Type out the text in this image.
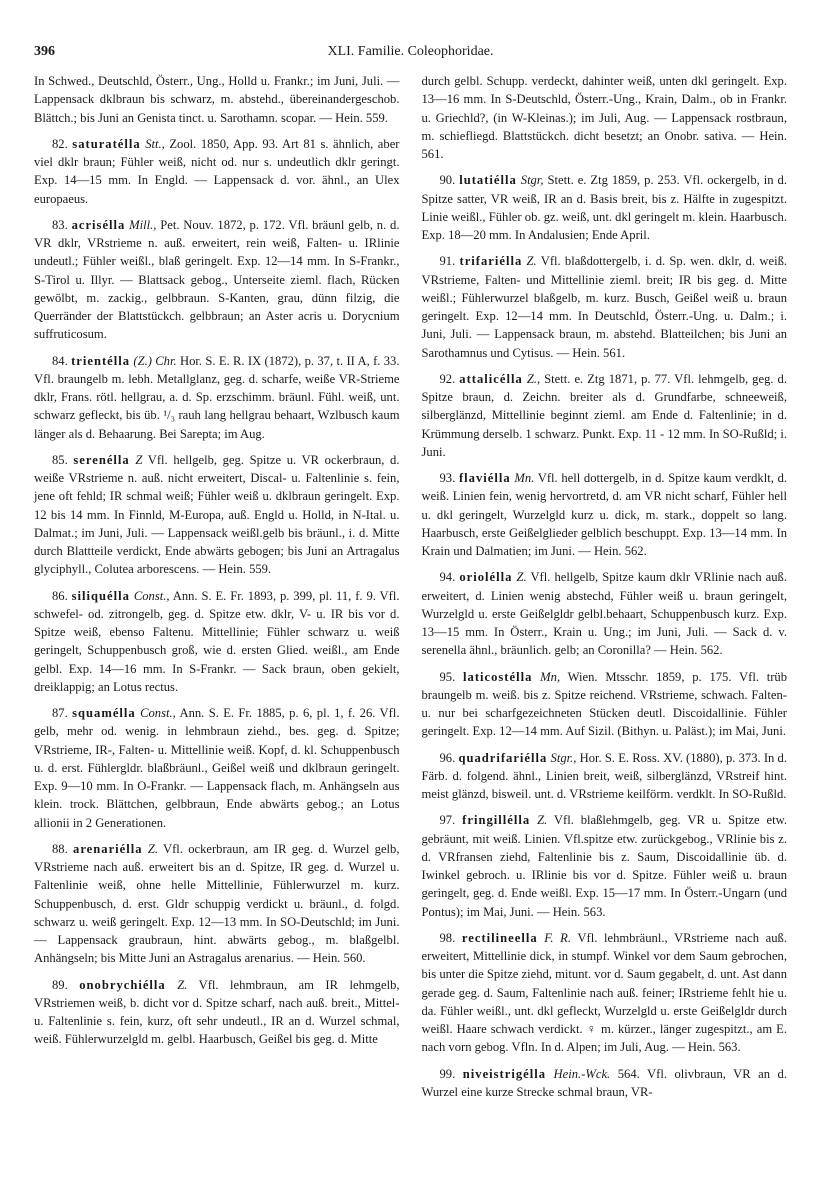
396	XLI. Familie. Coleophoridae.

In Schwed., Deutschld, Österr., Ung., Holld u. Frankr.; im Juni, Juli. — Lappensack dklbraun bis schwarz, m. abstehd., übereinandergeschob. Blättch.; bis Juni an Genista tinct. u. Sarothamn. scopar. — Hein. 559.

82. saturatélla Stt., Zool. 1850, App. 93. Art 81 s. ähnlich, aber viel dklr braun; Fühler weiß, nicht od. nur s. undeutlich dklr geringt. Exp. 14—15 mm. In Engld. — Lappensack d. vor. ähnl., an Ulex europaeus.

83. acrisélla Mill., Pet. Nouv. 1872, p. 172. Vfl. bräunl gelb, n. d. VR dklr, VRstrieme n. auß. erweitert, rein weiß, Falten- u. IRlinie undeutl.; Fühler weißl., blaß geringelt. Exp. 12—14 mm. In S-Frankr., S-Tirol u. Illyr. — Blattsack gebog., Unterseite zieml. flach, Rücken gewölbt, m. zackig., gelbbraun. S-Kanten, grau, dünn filzig, die Querränder der Blattstückch. gelbbraun; an Aster acris u. Dorycnium suffruticosum.

84. trientélla (Z.) Chr. Hor. S. E. R. IX (1872), p. 37, t. II A, f. 33. Vfl. braungelb m. lebh. Metallglanz, geg. d. scharfe, weiße VR-Strieme dklr, Frans. rötl. hellgrau, a. d. Sp. erzschimm. bräunl. Fühl. weiß, unt. schwarz gefleckt, bis üb. ¹/₃ rauh lang hellgrau behaart, Wzlbusch kaum länger als d. Behaarung. Bei Sarepta; im Aug.

85. serenélla Z Vfl. hellgelb, geg. Spitze u. VR ockerbraun, d. weiße VRstrieme n. auß. nicht erweitert, Discal- u. Faltenlinie s. fein, jene oft fehld; IR schmal weiß; Fühler weiß u. dklbraun geringelt. Exp. 12 bis 14 mm. In Finnld, M-Europa, auß. Engld u. Holld, in N-Ital. u. Dalmat.; im Juni, Juli. — Lappensack weißl.gelb bis bräunl., i. d. Mitte durch Blattteile verdickt, Ende abwärts gebogen; bis Juni an Artragalus glyciphyll., Colutea arborescens. — Hein. 559.

86. siliquélla Const., Ann. S. E. Fr. 1893, p. 399, pl. 11, f. 9. Vfl. schwefel- od. zitrongelb, geg. d. Spitze etw. dklr, V- u. IR bis vor d. Spitze weiß, ebenso Faltenu. Mittellinie; Fühler schwarz u. weiß geringelt, Schuppenbusch groß, wie d. ersten Glied. weißl., am Ende gelbl. Exp. 14—16 mm. In S-Frankr. — Sack braun, oben gekielt, dreiklappig; an Lotus rectus.

87. squamélla Const., Ann. S. E. Fr. 1885, p. 6, pl. 1, f. 26. Vfl. gelb, mehr od. wenig. in lehmbraun ziehd., bes. geg. d. Spitze; VRstrieme, IR-, Falten- u. Mittellinie weiß. Kopf, d. kl. Schuppenbusch u. d. erst. Fühlergldr. blaßbräunl., Geißel weiß und dklbraun geringelt. Exp. 9—10 mm. In O-Frankr. — Lappensack flach, m. Anhängseln aus klein. trock. Blättchen, gelbbraun, Ende abwärts gebog.; an Lotus allionii in 2 Generationen.

88. arenariélla Z. Vfl. ockerbraun, am IR geg. d. Wurzel gelb, VRstrieme nach auß. erweitert bis an d. Spitze, IR geg. d. Wurzel u. Faltenlinie weiß, ohne helle Mittellinie, Fühlerwurzel m. kurz. Schuppenbusch, d. erst. Gldr schuppig verdickt u. bräunl., d. folgd. schwarz u. weiß geringelt. Exp. 12—13 mm. In SO-Deutschld; im Juni. — Lappensack graubraun, hint. abwärts gebog., m. blaßgelbl. Anhängseln; bis Mitte Juni an Astragalus arenarius. — Hein. 560.

89. onobrychiélla Z. Vfl. lehmbraun, am IR lehmgelb, VRstriemen weiß, b. dicht vor d. Spitze scharf, nach auß. breit., Mittel- u. Faltenlinie s. fein, kurz, oft sehr undeutl., IR an d. Wurzel schmal, weiß. Fühlerwurzelgld m. gelbl. Haarbusch, Geißel bis geg. d. Mitte

durch gelbl. Schupp. verdeckt, dahinter weiß, unten dkl geringelt. Exp. 13—16 mm. In S-Deutschld, Österr.-Ung., Krain, Dalm., ob in Frankr. u. Griechld?, (in W-Kleinas.); im Juli, Aug. — Lappensack rostbraun, m. schiefliegd. Blattstückch. dicht besetzt; an Onobr. sativa. — Hein. 561.

90. lutatiélla Stgr, Stett. e. Ztg 1859, p. 253. Vfl. ockergelb, in d. Spitze satter, VR weiß, IR an d. Basis breit, bis z. Hälfte in zugespitzt. Linie weißl., Fühler ob. gz. weiß, unt. dkl geringelt m. klein. Haarbusch. Exp. 18—20 mm. In Andalusien; Ende April.

91. trifariélla Z. Vfl. blaßdottergelb, i. d. Sp. wen. dklr, d. weiß. VRstrieme, Falten- und Mittellinie zieml. breit; IR bis geg. d. Mitte weißl.; Fühlerwurzel blaßgelb, m. kurz. Busch, Geißel weiß u. braun geringelt. Exp. 12—14 mm. In Deutschld, Österr.-Ung. u. Dalm.; i. Juni, Juli. — Lappensack braun, m. abstehd. Blatteilchen; bis Juni an Sarothamnus und Cytisus. — Hein. 561.

92. attalicélla Z., Stett. e. Ztg 1871, p. 77. Vfl. lehmgelb, geg. d. Spitze braun, d. Zeichn. breiter als d. Grundfarbe, schneeweiß, silberglänzd, Mittellinie beginnt zieml. am Ende d. Faltenlinie; in d. Krümmung derselb. 1 schwarz. Punkt. Exp. 11 - 12 mm. In SO-Rußld; i. Juni.

93. flaviélla Mn. Vfl. hell dottergelb, in d. Spitze kaum verdklt, d. weiß. Linien fein, wenig hervortretd, d. am VR nicht scharf, Fühler hell u. dkl geringelt, Wurzelgld kurz u. dick, m. stark., doppelt so lang. Haarbusch, erste Geißelglieder gelblich beschuppt. Exp. 13—14 mm. In Krain und Dalmatien; im Juni. — Hein. 562.

94. oriolélla Z. Vfl. hellgelb, Spitze kaum dklr VRlinie nach auß. erweitert, d. Linien wenig abstechd, Fühler weiß u. braun geringelt, Wurzelgld u. erste Geißelgldr gelbl.behaart, Schuppenbusch kurz. Exp. 13—15 mm. In Österr., Krain u. Ung.; im Juni, Juli. — Sack d. v. serenella ähnl., bräunlich. gelb; an Coronilla? — Hein. 562.

95. laticostélla Mn, Wien. Mtsschr. 1859, p. 175. Vfl. trüb braungelb m. weiß. bis z. Spitze reichend. VRstrieme, schwach. Falten- u. nur bei scharfgezeichneten Stücken deutl. Discoidallinie. Fühler geringelt. Exp. 12—14 mm. Auf Sizil. (Bithyn. u. Paläst.); im Mai, Juni.

96. quadrifariélla Stgr., Hor. S. E. Ross. XV. (1880), p. 373. In d. Färb. d. folgend. ähnl., Linien breit, weiß, silberglänzd, VRstreif hint. meist glänzd, bisweil. unt. d. VRstrieme keilförm. verdklt. In SO-Rußld.

97. fringillélla Z. Vfl. blaßlehmgelb, geg. VR u. Spitze etw. gebräunt, mit weiß. Linien. Vfl.spitze etw. zurückgebog., VRlinie bis z. d. VRfransen ziehd, Faltenlinie bis z. Saum, Discoidallinie üb. d. Iwinkel gebroch. u. IRlinie bis vor d. Spitze. Fühler weiß u. braun geringelt, geg. d. Ende weißl. Exp. 15—17 mm. In Österr.-Ungarn (und Pontus); im Mai, Juni. — Hein. 563.

98. rectilineella F. R. Vfl. lehmbräunl., VRstrieme nach auß. erweitert, Mittellinie dick, in stumpf. Winkel vor dem Saum gebrochen, bis unter die Spitze ziehd, mitunt. vor d. Saum gegabelt, d. unt. Ast dann gerade geg. d. Saum, Faltenlinie nach auß. feiner; IRstrieme fehlt hie u. da. Fühler weißl., unt. dkl gefleckt, Wurzelgld u. erste Geißelgldr durch weißl. Haare schwach verdickt. ♀ m. kürzer., länger zugespitzt., am E. nach vorn gebog. Vfln. In d. Alpen; im Juli, Aug. — Hein. 563.

99. niveistrigélla Hein.-Wck. 564. Vfl. olivbraun, VR an d. Wurzel eine kurze Strecke schmal braun, VR-
